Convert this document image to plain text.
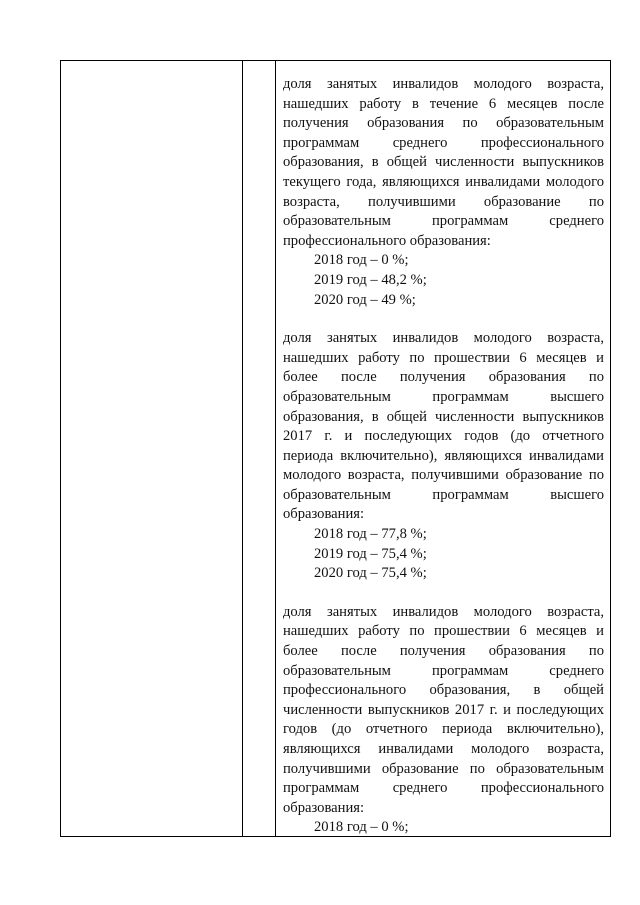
доля занятых инвалидов молодого возраста, нашедших работу в течение 6 месяцев после получения образования по образовательным программам среднего профессионального образования, в общей численности выпускников текущего года, являющихся инвалидами молодого возраста, получившими образование по образовательным программам среднего профессионального образования:

2018 год – 0 %;

2019 год – 48,2 %;

2020 год – 49 %;

доля занятых инвалидов молодого возраста, нашедших работу по прошествии 6 месяцев и более после получения образования по образовательным программам высшего образования, в общей численности выпускников 2017 г. и последующих годов (до отчетного периода включительно), являющихся инвалидами молодого возраста, получившими образование по образовательным программам высшего образования:

2018 год – 77,8 %;

2019 год – 75,4 %;

2020 год – 75,4 %;

доля занятых инвалидов молодого возраста, нашедших работу по прошествии 6 месяцев и более после получения образования по образовательным программам среднего профессионального образования, в общей численности выпускников 2017 г. и последующих годов (до отчетного периода включительно), являющихся инвалидами молодого возраста, получившими образование по образовательным программам среднего профессионального образования:

2018 год – 0 %;
